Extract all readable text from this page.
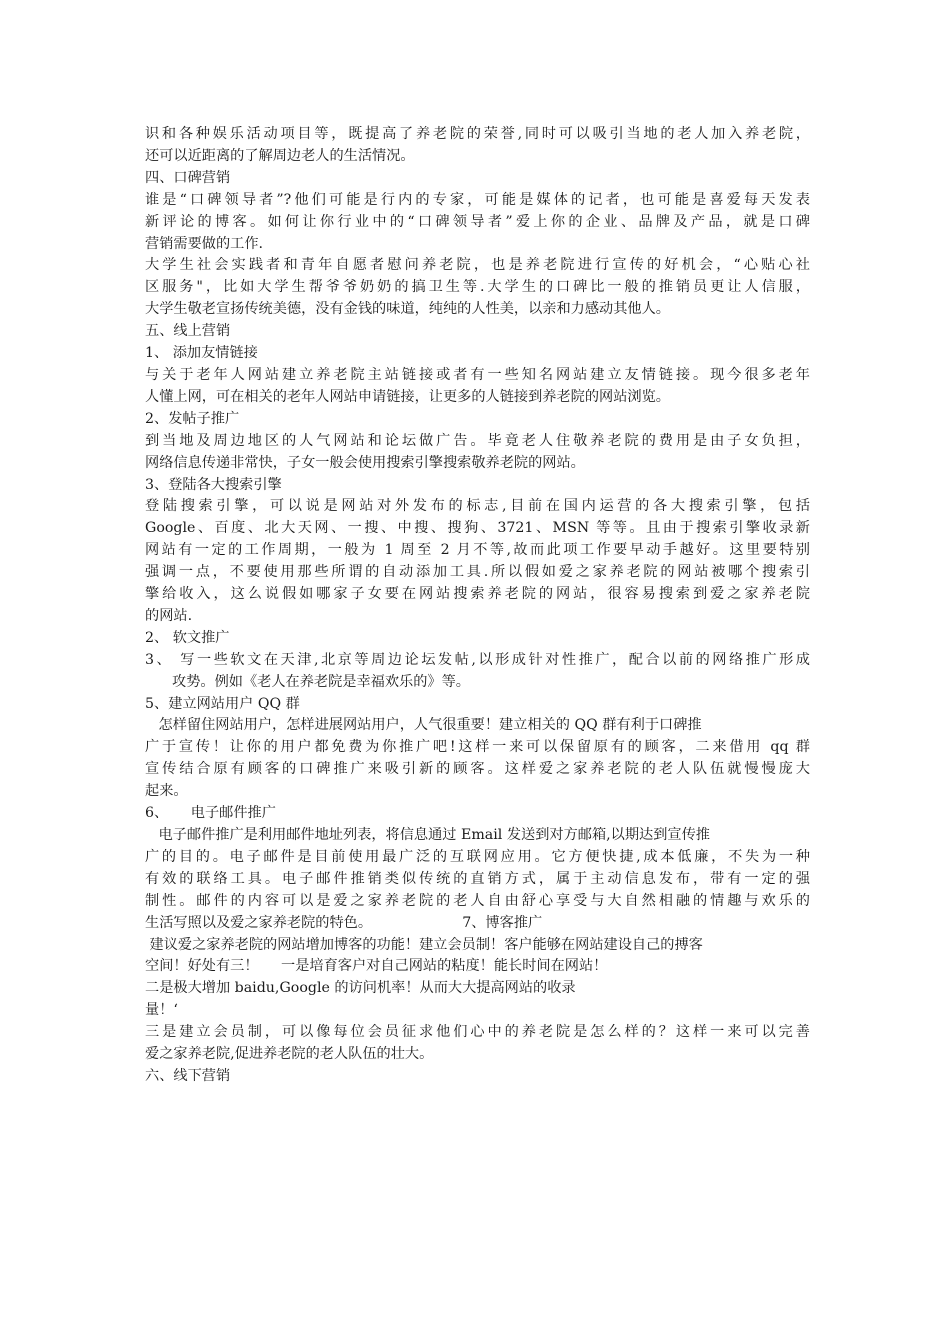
识和各种娱乐活动项目等，既提高了养老院的荣誉,同时可以吸引当地的老人加入养老院，
还可以近距离的了解周边老人的生活情况。
四、口碑营销
谁是“口碑领导者”?他们可能是行内的专家，可能是媒体的记者，也可能是喜爱每天发表
新评论的博客。如何让你行业中的“口碑领导者”爱上你的企业、品牌及产品，就是口碑
营销需要做的工作.
大学生社会实践者和青年自愿者慰问养老院，也是养老院进行宣传的好机会，“心贴心社
区服务"，比如大学生帮爷爷奶奶的搞卫生等.大学生的口碑比一般的推销员更让人信服，
大学生敬老宣扬传统美德，没有金钱的味道，纯纯的人性美，以亲和力感动其他人。
五、线上营销
1、 添加友情链接
与关于老年人网站建立养老院主站链接或者有一些知名网站建立友情链接。现今很多老年
人懂上网，可在相关的老年人网站申请链接，让更多的人链接到养老院的网站浏览。
2、发帖子推广
到当地及周边地区的人气网站和论坛做广告。毕竟老人住敬养老院的费用是由子女负担，
网络信息传递非常快，子女一般会使用搜索引擎搜索敬养老院的网站。
3、登陆各大搜索引擎
登陆搜索引擎，可以说是网站对外发布的标志,目前在国内运营的各大搜索引擎，包括
Google、百度、北大天网、一搜、中搜、搜狗、3721、MSN 等等。且由于搜索引擎收录新
网站有一定的工作周期，一般为 1 周至 2 月不等,故而此项工作要早动手越好。这里要特别
强调一点，不要使用那些所谓的自动添加工具.所以假如爱之家养老院的网站被哪个搜索引
擎给收入，这么说假如哪家子女要在网站搜索养老院的网站，很容易搜索到爱之家养老院
的网站.
2、 软文推广
3、 写一些软文在天津,北京等周边论坛发帖,以形成针对性推广，配合以前的网络推广形成
攻势。例如《老人在养老院是幸福欢乐的》等。
5、建立网站用户 QQ 群
怎样留住网站用户，怎样进展网站用户，人气很重要！建立相关的 QQ 群有利于口碑推
广于宣传！让你的用户都免费为你推广吧!这样一来可以保留原有的顾客，二来借用 qq 群
宣传结合原有顾客的口碑推广来吸引新的顾客。这样爱之家养老院的老人队伍就慢慢庞大
起来。
6、     电子邮件推广
电子邮件推广是利用邮件地址列表，将信息通过 Email 发送到对方邮箱,以期达到宣传推
广的目的。电子邮件是目前使用最广泛的互联网应用。它方便快捷,成本低廉，不失为一种
有效的联络工具。电子邮件推销类似传统的直销方式，属于主动信息发布，带有一定的强
制性。邮件的内容可以是爱之家养老院的老人自由舒心享受与大自然相融的情趣与欢乐的
生活写照以及爱之家养老院的特色。                    7、博客推广
建议爱之家养老院的网站增加博客的功能！建立会员制！客户能够在网站建设自己的搏客
空间！好处有三！     一是培育客户对自己网站的粘度！能长时间在网站！
二是极大增加 baidu,Google 的访问机率！从而大大提高网站的收录
量！‘
三是建立会员制，可以像每位会员征求他们心中的养老院是怎么样的？这样一来可以完善
爱之家养老院,促进养老院的老人队伍的壮大。
六、线下营销
